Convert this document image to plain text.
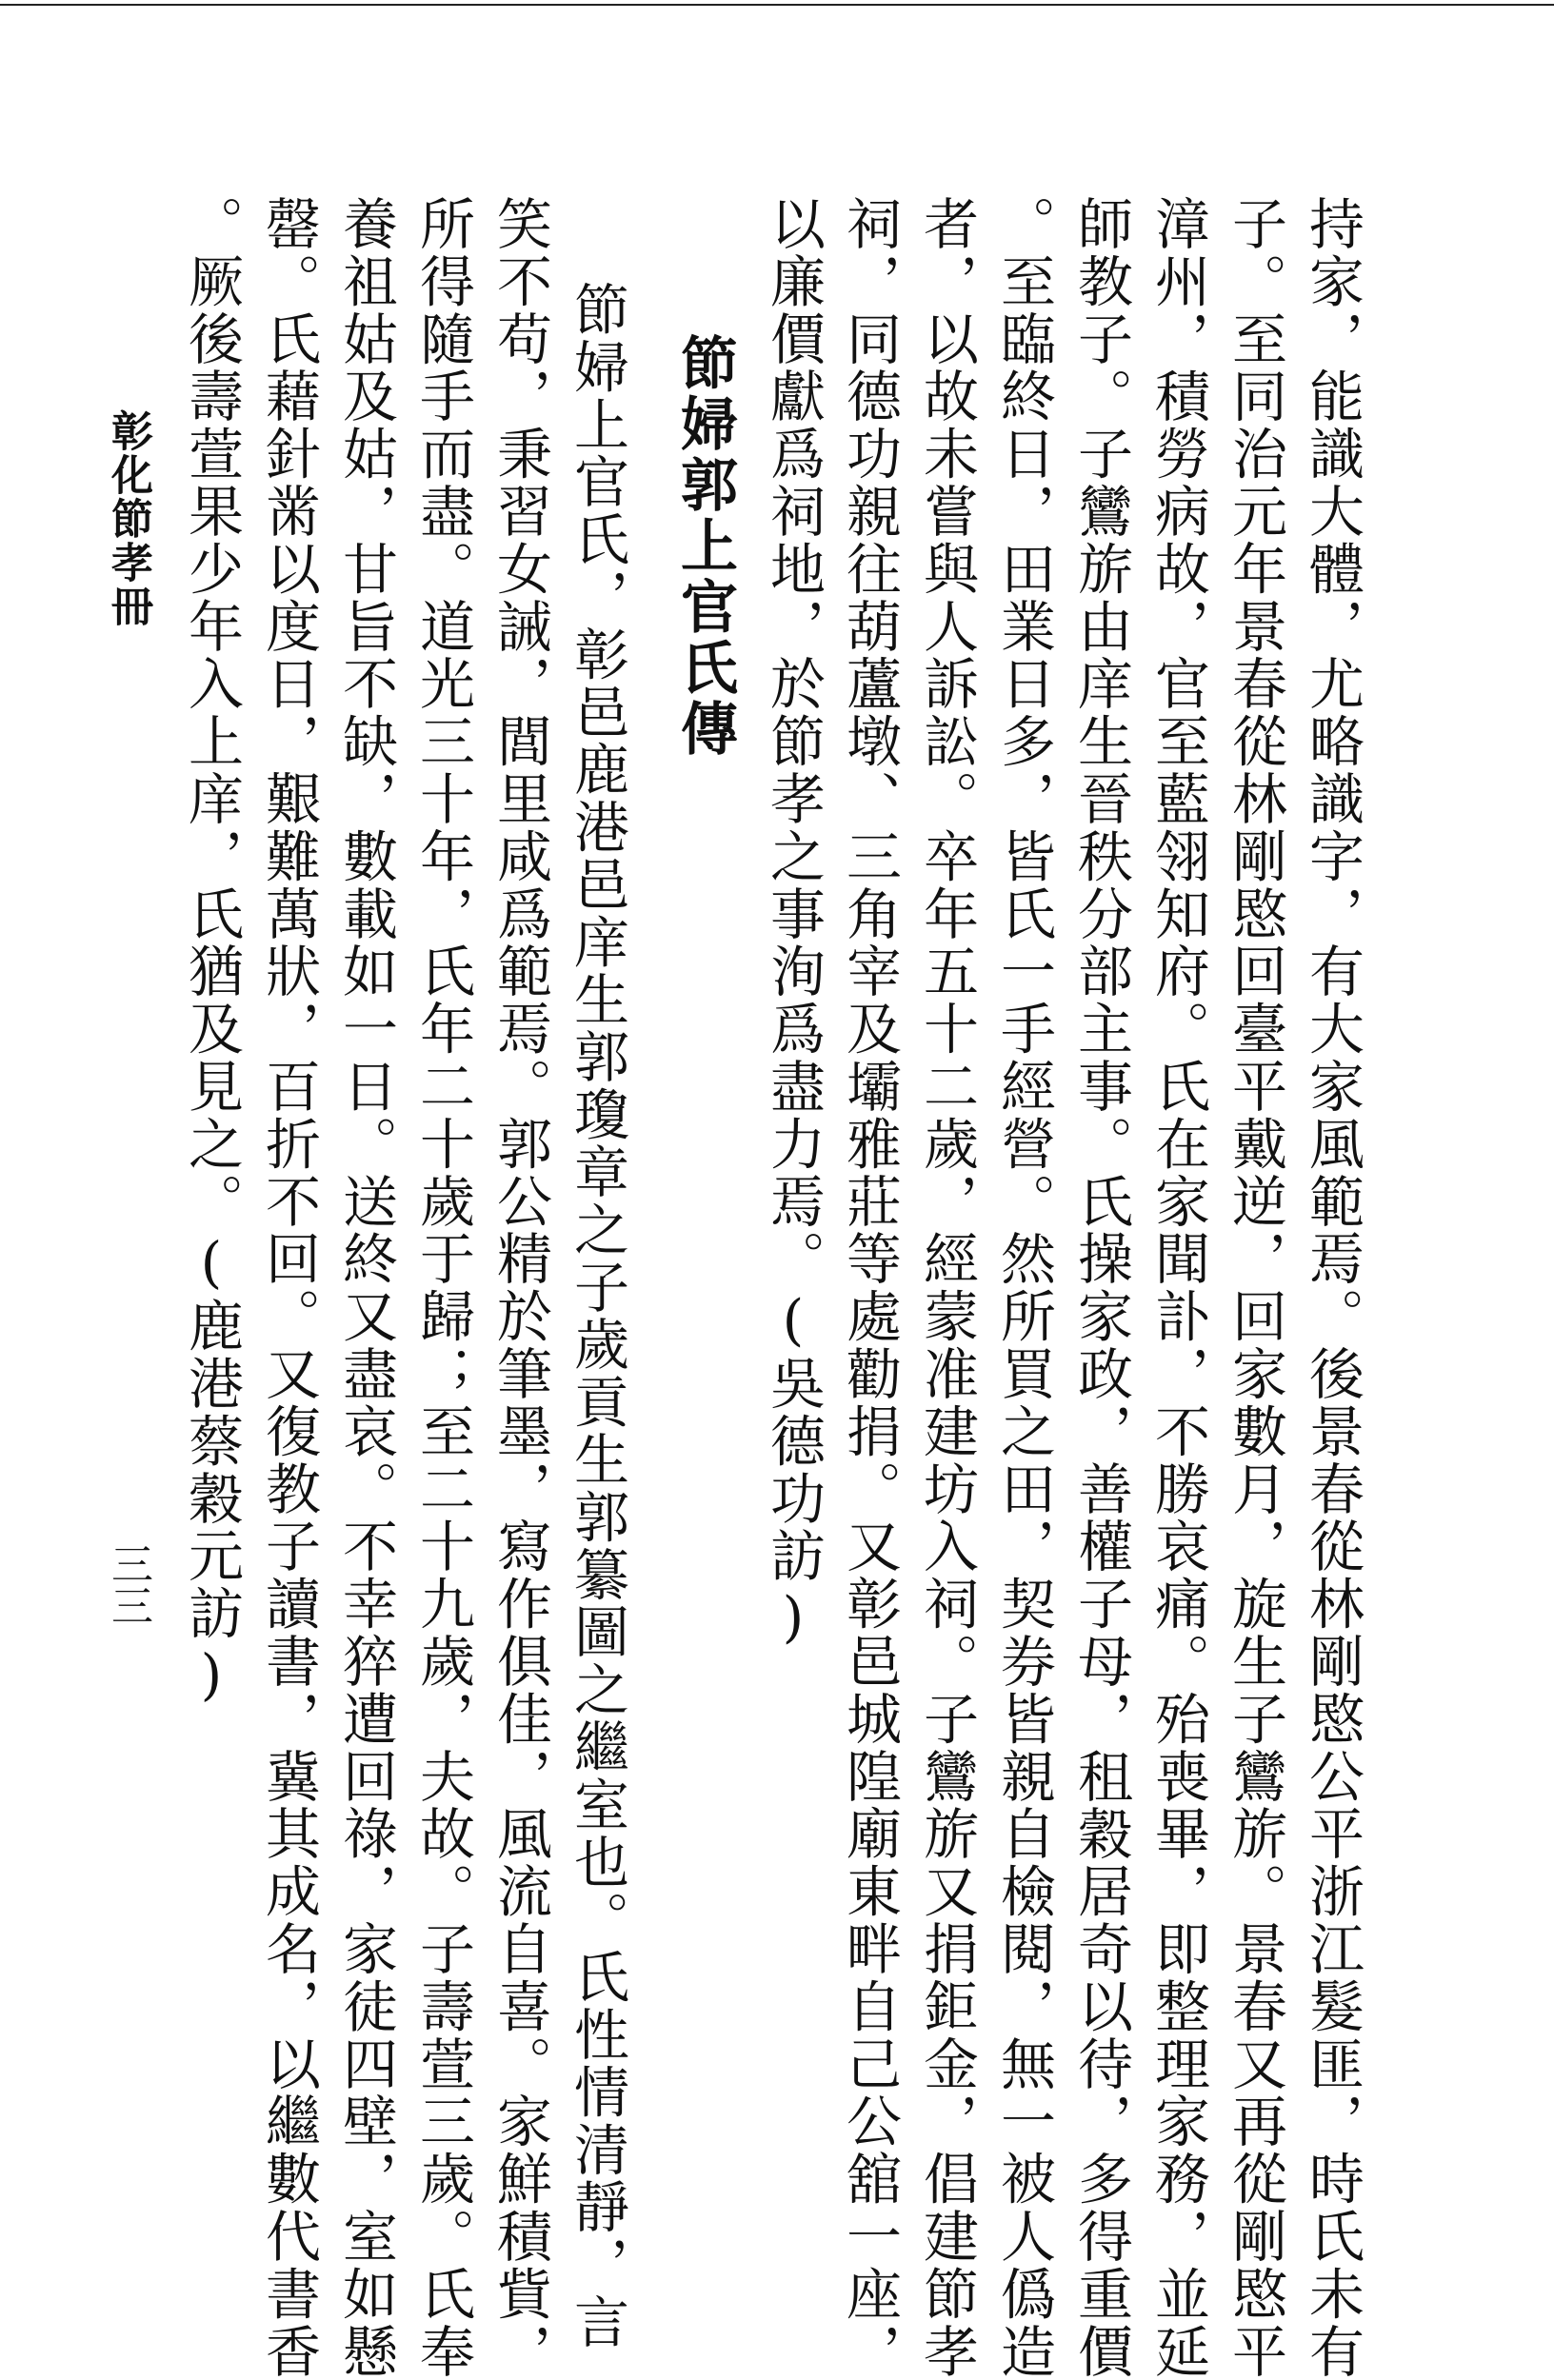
持家，能識大體，尤略識字，有大家風範焉。後景春從林剛愍公平浙江髮匪，時氏未有
子。至同治元年景春從林剛愍回臺平戴逆，回家數月，旋生子鸞旂。景春又再從剛愍平
漳州，積勞病故，官至藍翎知府。氏在家聞訃，不勝哀痛。殆喪畢，即整理家務，並延
師教子。子鸞旂由庠生晉秩分部主事。氏操家政，善權子母，租穀居奇以待，多得重價
。至臨終日，田業日多，皆氏一手經營。然所買之田，契券皆親自檢閱，無一被人僞造
者，以故未嘗與人訴訟。卒年五十二歲，經蒙准建坊入祠。子鸞旂又捐鉅金，倡建節孝
祠，同德功親往葫蘆墩、三角宰及壩雅莊等處勸捐。又彰邑城隍廟東畔自己公舘一座，
以廉價獻爲祠地，於節孝之事洵爲盡力焉。(吳德功訪)
節婦郭上官氏傳
節婦上官氏，彰邑鹿港邑庠生郭瓊章之子歲貢生郭纂圖之繼室也。氏性情清靜，言
笑不苟，秉習女誡，閭里咸爲範焉。郭公精於筆墨，寫作俱佳，風流自喜。家鮮積貲，
所得隨手而盡。道光三十年，氏年二十歲于歸；至二十九歲，夫故。子壽萱三歲。氏奉
養祖姑及姑，甘旨不缺，數載如一日。送終又盡哀。不幸猝遭回祿，家徒四壁，室如懸
罄。氏藉針黹以度日，艱難萬狀，百折不回。又復教子讀書，冀其成名，以繼數代書香
。厥後壽萱果少年入上庠，氏猶及見之。(鹿港蔡穀元訪)
彰化節孝冊
三三
